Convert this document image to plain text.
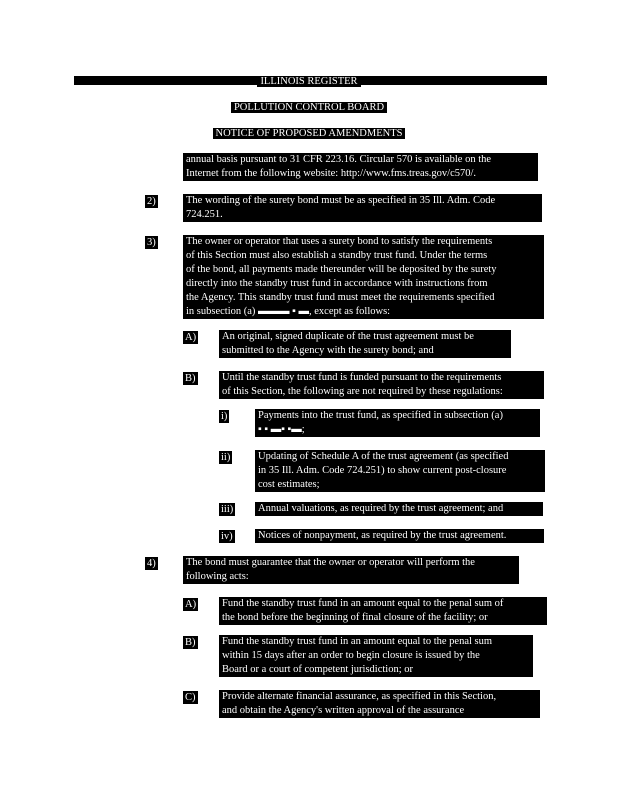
ILLINOIS REGISTER
POLLUTION CONTROL BOARD
NOTICE OF PROPOSED AMENDMENTS
annual basis pursuant to 31 CFR 223.16. Circular 570 is available on the
Internet from the following website: http://www.fms.treas.gov/c570/.
2)	The wording of the surety bond must be as specified in 35 Ill. Adm. Code
724.251.
3)	The owner or operator that uses a surety bond to satisfy the requirements
of this Section must also establish a standby trust fund. Under the terms
of the bond, all payments made thereunder will be deposited by the surety
directly into the standby trust fund in accordance with instructions from
the Agency. This standby trust fund must meet the requirements specified
in subsection (a) ▬▬▬ ▪ ▬, except as follows:
A) An original, signed duplicate of the trust agreement must be
submitted to the Agency with the surety bond; and
B)	Until the standby trust fund is funded pursuant to the requirements
of this Section, the following are not required by these regulations:
i)	Payments into the trust fund, as specified in subsection (a)
▪ ▪ ▬▪ ▪▬;
ii)	Updating of Schedule A of the trust agreement (as specified
in 35 Ill. Adm. Code 724.251) to show current post-closure
cost estimates;
iii) Annual valuations, as required by the trust agreement; and
iv) Notices of nonpayment, as required by the trust agreement.
4)	The bond must guarantee that the owner or operator will perform the
following acts:
A) Fund the standby trust fund in an amount equal to the penal sum of
the bond before the beginning of final closure of the facility; or
B)	Fund the standby trust fund in an amount equal to the penal sum
within 15 days after an order to begin closure is issued by the
Board or a court of competent jurisdiction; or
C)	Provide alternate financial assurance, as specified in this Section,
and obtain the Agency's written approval of the assurance
